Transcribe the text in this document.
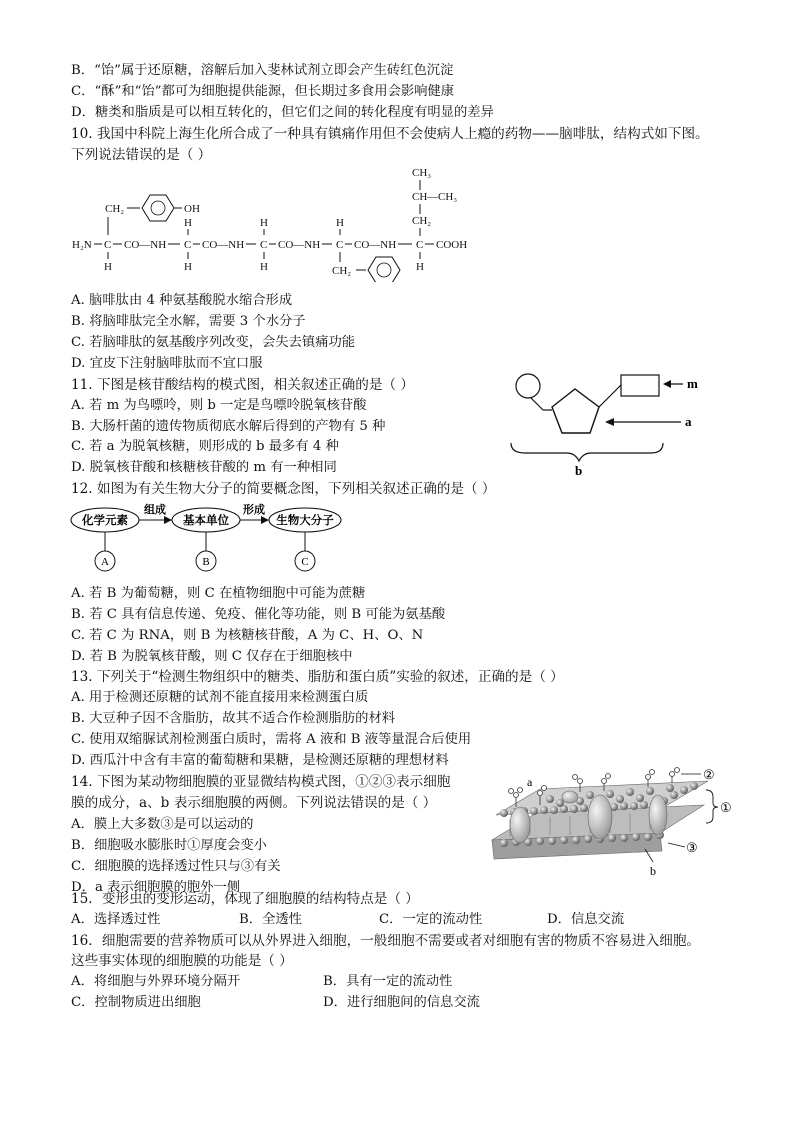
B．“饴”属于还原糖，溶解后加入斐林试剂立即会产生砖红色沉淀
C．“酥”和“饴”都可为细胞提供能源，但长期过多食用会影响健康
D．糖类和脂质是可以相互转化的，但它们之间的转化程度有明显的差异
10. 我国中科院上海生化所合成了一种具有镇痛作用但不会使病人上瘾的药物——脑啡肽，结构式如下图。
下列说法错误的是（ ）
CH₃
CH —CH₃
CH₂
CH₂	OH
H	H	H
H₂N C CO—NH C CO—NH C CO—NH C CO—NH C COOH
H	H	H	H
CH₂
A. 脑啡肽由 4 种氨基酸脱水缩合形成
B. 将脑啡肽完全水解，需要 3 个水分子
C. 若脑啡肽的氨基酸序列改变，会失去镇痛功能
D. 宜皮下注射脑啡肽而不宜口服
11. 下图是核苷酸结构的模式图，相关叙述正确的是（ ）
A. 若 m 为鸟嘌呤，则 b 一定是鸟嘌呤脱氧核苷酸
B. 大肠杆菌的遗传物质彻底水解后得到的产物有 5 种
C. 若 a 为脱氧核糖，则形成的 b 最多有 4 种
D. 脱氧核苷酸和核糖核苷酸的 m 有一种相同
m
a
b
12. 如图为有关生物大分子的简要概念图，下列相关叙述正确的是（ ）
化学元素
组成
基本单位
形成
生物大分子
A	B	C
A. 若 B 为葡萄糖，则 C 在植物细胞中可能为蔗糖
B. 若 C 具有信息传递、免疫、催化等功能，则 B 可能为氨基酸
C. 若 C 为 RNA，则 B 为核糖核苷酸，A 为 C、H、O、N
D. 若 B 为脱氧核苷酸，则 C 仅存在于细胞核中
13. 下列关于“检测生物组织中的糖类、脂肪和蛋白质”实验的叙述，正确的是（ ）
A. 用于检测还原糖的试剂不能直接用来检测蛋白质
B. 大豆种子因不含脂肪，故其不适合作检测脂肪的材料
C. 使用双缩脲试剂检测蛋白质时，需将 A 液和 B 液等量混合后使用
D. 西瓜汁中含有丰富的葡萄糖和果糖，是检测还原糖的理想材料
14. 下图为某动物细胞膜的亚显微结构模式图，①②③表示细胞
膜的成分，a、b 表示细胞膜的两侧。下列说法错误的是（ ）
A．膜上大多数③是可以运动的
B．细胞吸水膨胀时①厚度会变小
C．细胞膜的选择透过性只与③有关
D．a 表示细胞膜的胞外一侧
a	②
①
③
b
15．变形虫的变形运动，体现了细胞膜的结构特点是（ ）
A．选择透过性	B．全透性	C．一定的流动性	D．信息交流
16．细胞需要的营养物质可以从外界进入细胞，一般细胞不需要或者对细胞有害的物质不容易进入细胞。
这些事实体现的细胞膜的功能是（ ）
A．将细胞与外界环境分隔开	B．具有一定的流动性
C．控制物质进出细胞	D．进行细胞间的信息交流
